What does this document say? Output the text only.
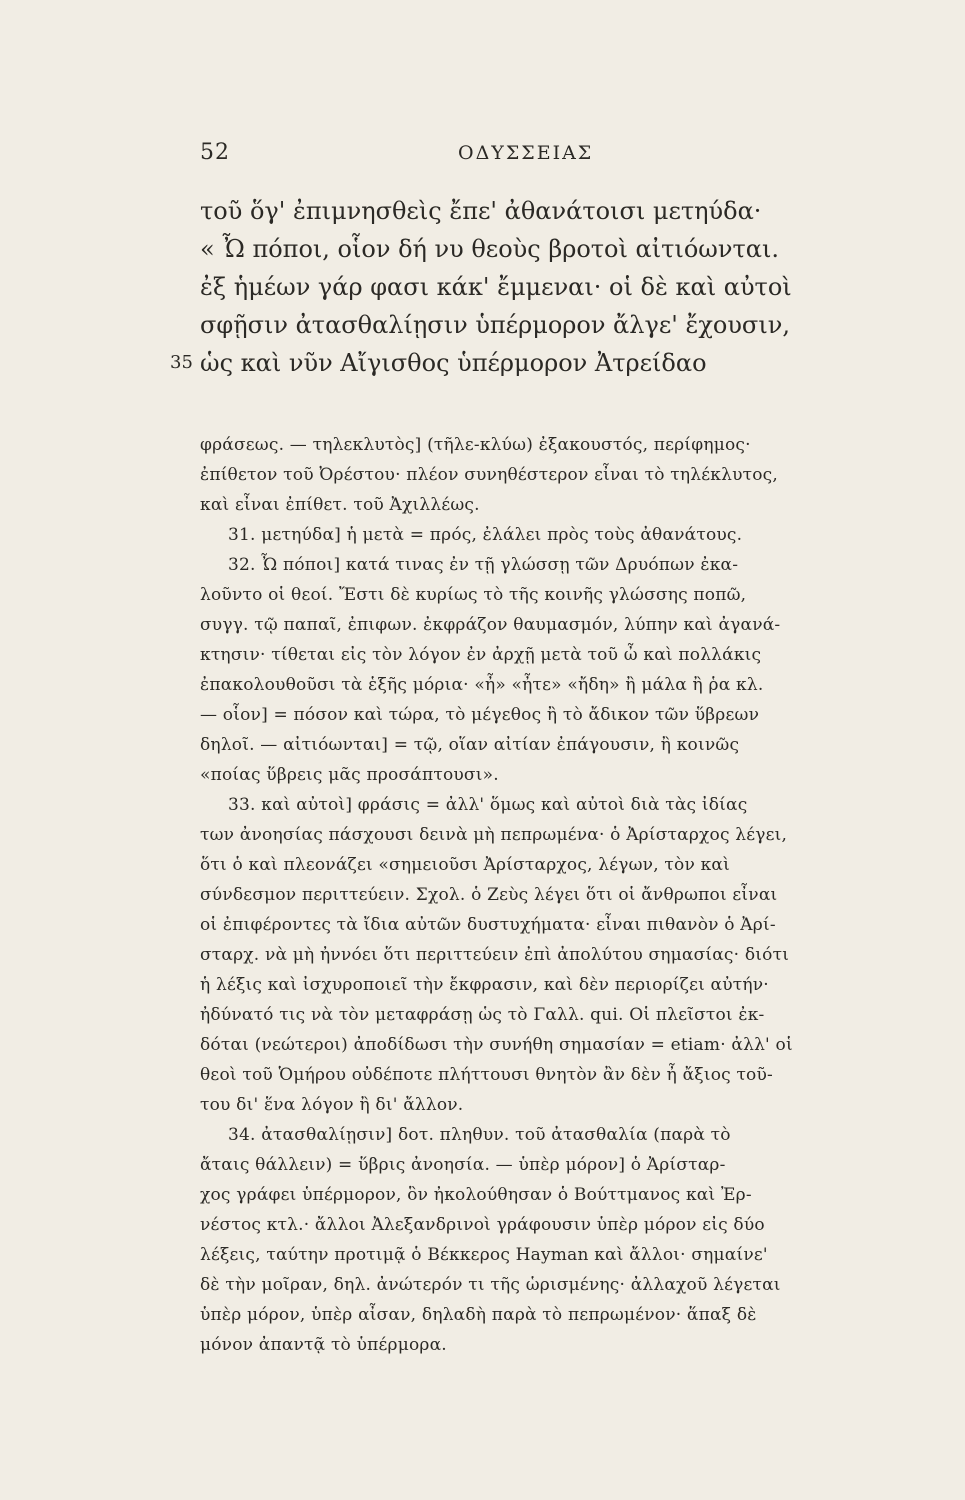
52	ΟΔΥΣΣΕΙΑΣ
τοῦ ὅγ' ἐπιμνησθεὶς ἔπε' ἀθανάτοισι μετηύδα·
« Ὦ πόποι, οἷον δή νυ θεοὺς βροτοὶ αἰτιόωνται.
ἐξ ἡμέων γάρ φασι κάκ' ἔμμεναι· οἱ δὲ καὶ αὐτοὶ
σφῇσιν ἀτασθαλίῃσιν ὑπέρμορον ἄλγε' ἔχουσιν,
35 ὡς καὶ νῦν Αἴγισθος ὑπέρμορον Ἀτρείδαο
φράσεως. — τηλεκλυτὸς] (τῆλε-κλύω) ἐξακουστός, περίφημος·
ἐπίθετον τοῦ Ὀρέστου· πλέον συνηθέστερον εἶναι τὸ τηλέκλυτος,
καὶ εἶναι ἐπίθετ. τοῦ Ἀχιλλέως.
31. μετηύδα] ἡ μετὰ = πρός, ἐλάλει πρὸς τοὺς ἀθανάτους.
32. Ὦ πόποι] κατά τινας ἐν τῇ γλώσσῃ τῶν Δρυόπων ἐκα-
λοῦντο οἱ θεοί. Ἔστι δὲ κυρίως τὸ τῆς κοινῆς γλώσσης ποπῶ,
συγγ. τῷ παπαῖ, ἐπιφων. ἐκφράζον θαυμασμόν, λύπην καὶ ἀγανά-
κτησιν· τίθεται εἰς τὸν λόγον ἐν ἀρχῇ μετὰ τοῦ ὦ καὶ πολλάκις
ἐπακολουθοῦσι τὰ ἑξῆς μόρια· «ἦ» «ἦτε» «ἤδη» ἢ μάλα ἢ ῥα κλ.
— οἷον] = πόσον καὶ τώρα, τὸ μέγεθος ἢ τὸ ἄδικον τῶν ὕβρεων
δηλοῖ. — αἰτιόωνται] = τῷ, οἵαν αἰτίαν ἐπάγουσιν, ἢ κοινῶς
«ποίας ὕβρεις μᾶς προσάπτουσι».
33. καὶ αὐτοὶ] φράσις = ἀλλ' ὅμως καὶ αὐτοὶ διὰ τὰς ἰδίας
των ἀνοησίας πάσχουσι δεινὰ μὴ πεπρωμένα· ὁ Ἀρίσταρχος λέγει,
ὅτι ὁ καὶ πλεονάζει «σημειοῦσι Ἀρίσταρχος, λέγων, τὸν καὶ
σύνδεσμον περιττεύειν. Σχολ. ὁ Ζεὺς λέγει ὅτι οἱ ἄνθρωποι εἶναι
οἱ ἐπιφέροντες τὰ ἴδια αὐτῶν δυστυχήματα· εἶναι πιθανὸν ὁ Ἀρί-
σταρχ. νὰ μὴ ἠννόει ὅτι περιττεύειν ἐπὶ ἀπολύτου σημασίας· διότι
ἡ λέξις καὶ ἰσχυροποιεῖ τὴν ἔκφρασιν, καὶ δὲν περιορίζει αὐτήν·
ἠδύνατό τις νὰ τὸν μεταφράσῃ ὡς τὸ Γαλλ. qui. Οἱ πλεῖστοι ἐκ-
δόται (νεώτεροι) ἀποδίδωσι τὴν συνήθη σημασίαν = etiam· ἀλλ' οἱ
θεοὶ τοῦ Ὁμήρου οὐδέποτε πλήττουσι θνητὸν ἂν δὲν ἦ ἄξιος τοῦ-
του δι' ἕνα λόγον ἢ δι' ἄλλον.
34. ἀτασθαλίῃσιν] δοτ. πληθυν. τοῦ ἀτασθαλία (παρὰ τὸ
ἄταις θάλλειν) = ὕβρις ἀνοησία. — ὑπὲρ μόρον] ὁ Ἀρίσταρ-
χος γράφει ὑπέρμορον, ὃν ἠκολούθησαν ὁ Βούττμανος καὶ Ἐρ-
νέστος κτλ.· ἄλλοι Ἀλεξανδρινοὶ γράφουσιν ὑπὲρ μόρον εἰς δύο
λέξεις, ταύτην προτιμᾷ ὁ Βέκκερος Hayman καὶ ἄλλοι· σημαίνε'
δὲ τὴν μοῖραν, δηλ. ἀνώτερόν τι τῆς ὡρισμένης· ἀλλαχοῦ λέγεται
ὑπὲρ μόρον, ὑπὲρ αἶσαν, δηλαδὴ παρὰ τὸ πεπρωμένον· ἅπαξ δὲ
μόνον ἀπαντᾷ τὸ ὑπέρμορα.
